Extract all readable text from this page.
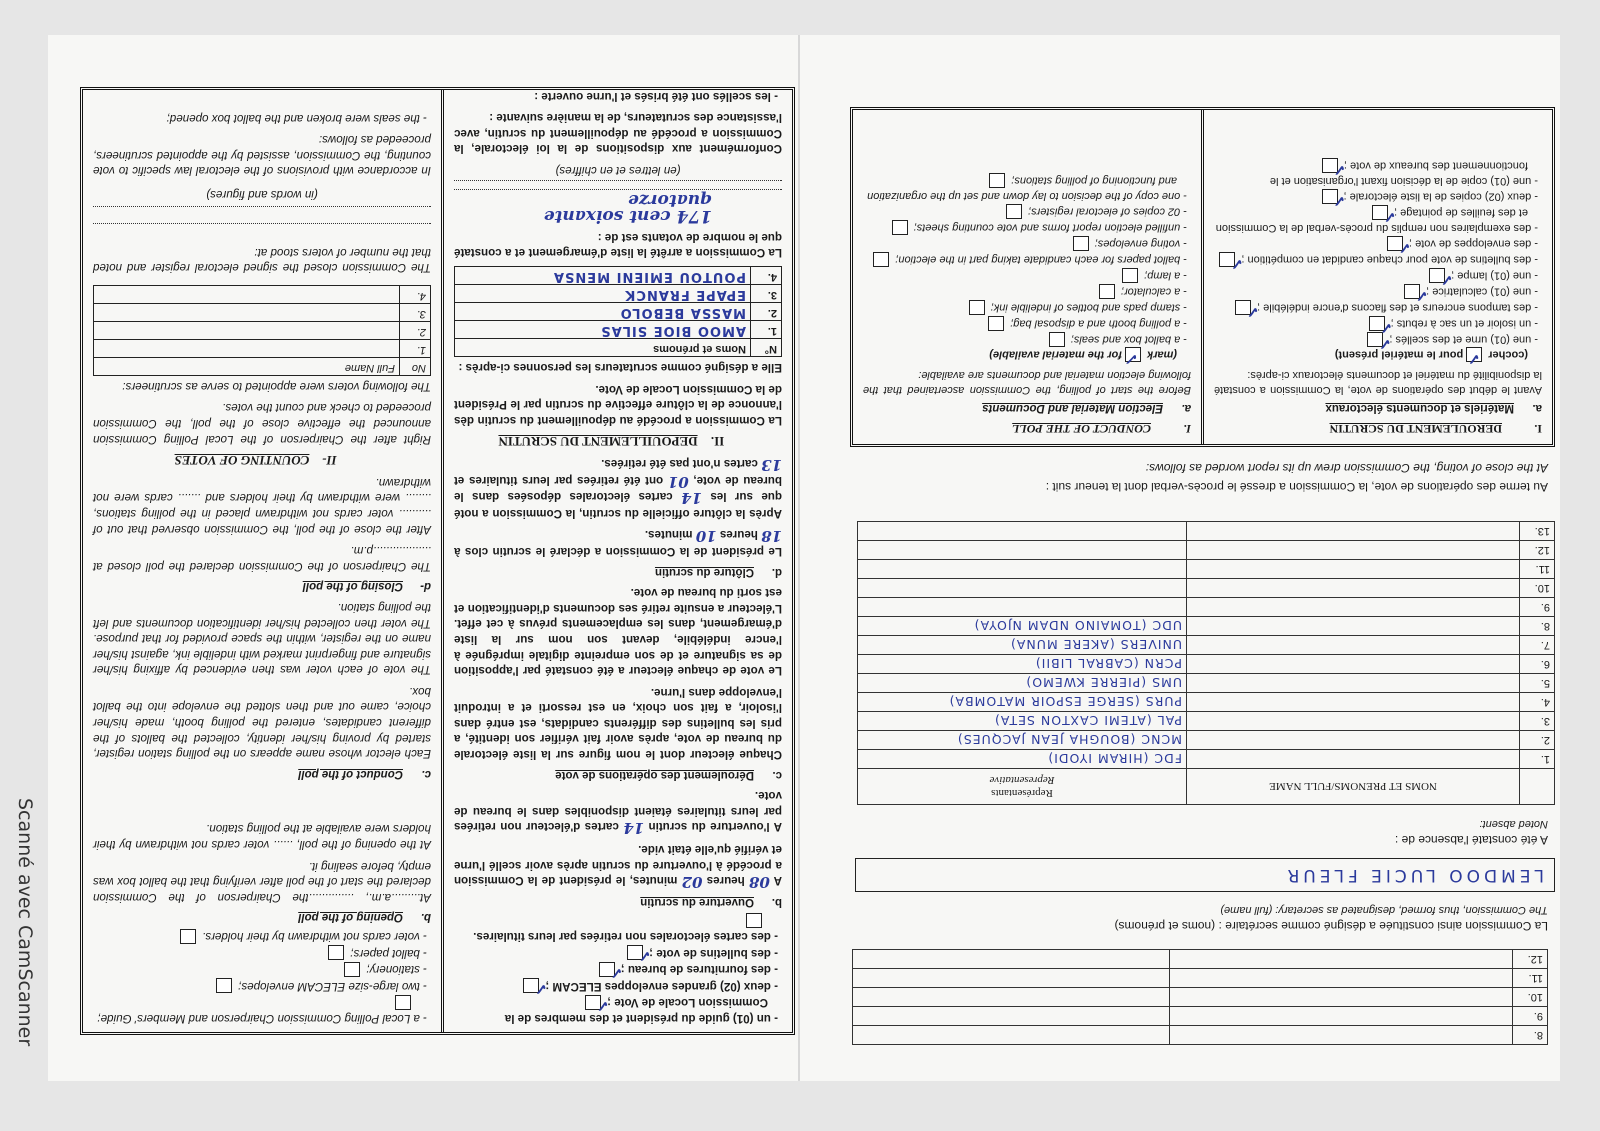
8.		
9.		
10.		
11.		
12.		
La Commission ainsi constituée a désigné comme secrétaire : (noms et prénoms)
The Commission, thus formed, designated as secretary: (full name)
LEMDOO LUCIE FLEUR
A été constaté l'absence de :
Noted absent:
	NOMS ET PRENOMS/FULL NAME	Représentants
Representative

1.		FDC (HIRAM IYODI)
2.		MCNC (BOUGHA JEAN JACQUES)
3.		PAL (ATEMI CAXTON SETA)
4.		PURS (SERGE ESPOIR MATOMBA)
5.		UMS (PIERRE KWEMO)
6.		PCRN (CABRAL LIBII)
7.		UNIVERS (AKERE MUNA)
8.		UDC (TOMAINO NDAM NJOYA)
9.		
10.		
11.		
12.		
13.		
Au terme des opérations de vote, la Commission a dressé le procès-verbal dont la teneur suit :
At the close of voting, the Commission drew up its report worded as follows:
I.DEROULEMENT DU SCRUTIN
a.Matériels et documents électoraux

Avant le début des opérations de vote, la Commission a constaté la disponibilité du matériel et documents électoraux ci-après:

(cocher✓ pour le matériel présent)
- une (01) urne et des scellés ;✓
- un isoloir et un sac à rebuts ;✓
- des tampons encreurs et des flacons d'encre indélébile ;✓
- une (01) calculatrice ;✓
- une (01) lampe ;✓
- des bulletins de vote pour chaque candidat en compétition ;✓
- des enveloppes de vote ;✓
- des exemplaires non remplis du procès-verbal de la Commission et des feuilles de pointage ;✓
- deux (02) copies de la liste électorale ;✓
- une (01) copie de la décision fixant l'organisation et le fonctionnement des bureaux de vote ;✓
I.CONDUCT OF THE POLL
a.Election Material and Documents

Before the start of polling, the Commission ascertained that the following election material and documents are available:

(mark✓ for the material available)
- a ballot box and seals;
- a polling booth and a disposal bag;
- stamp pads and bottles of indelible ink;
- a calculator;
- a lamp;
- ballot papers for each candidate taking part in the election;
- voting envelopes;
- unfilled election report forms and vote counting sheets;
- 02 copies of electoral registers;
- one copy of the decision to lay down and set up the organization and functioning of polling stations;
- un (01) guide du président et des membres de la Commission Locale de Vote ;✓
- deux (02) grandes enveloppes ELECAM ;✓
- des fournitures de bureau ;✓
- des bulletins de vote ;✓
- des cartes électorales non retirées par leurs titulaires.
b.Ouverture du scrutin

A 08 heures 02 minutes, le président de la Commission a procédé à l'ouverture du scrutin après avoir scellé l'urne et vérifié qu'elle était vide.

A l'ouverture du scrutin 14 cartes d'électeur non retirées par leurs titulaires étaient disponibles dans le bureau de vote.

c.Déroulement des opérations de vote

Chaque électeur dont le nom figure sur la liste électorale du bureau de vote, après avoir fait vérifier son identité, a pris les bulletins des différents candidats, est entré dans l'isoloir, a fait son choix, en est ressorti et a introduit l'enveloppe dans l'urne.

Le vote de chaque électeur a été constaté par l'apposition de sa signature et de son empreinte digitale imprégnée à l'encre indélébile, devant son nom sur la liste d'émargement, dans les emplacements prévus à cet effet. L'électeur a ensuite retiré ses documents d'identification et est sorti du bureau de vote.

d.Clôture du scrutin

Le président de la Commission a déclaré le scrutin clos à 18 heures 10 minutes.

Après la clôture officielle du scrutin, la Commission a noté que sur les 14 cartes électorales déposées dans le bureau de vote, 01 ont été retirées par leurs titulaires et 13 cartes n'ont pas été retirées.

II.DEPOUILLEMENT DU SCRUTIN

La Commission a procédé au dépouillement du scrutin dès l'annonce de la clôture effective du scrutin par le Président de la Commission Locale de Vote.

Elle a désigné comme scrutateurs les personnes ci-après :

N°	Noms et prénoms
1.	AMOO BIOE SILAS
2.	MASSA BEBOLO
3.	EPAPE FRANCK
4.	POUTOU EMIENI MENSA

La Commission a arrêté la liste d'émargement et a constaté que le nombre de votants est de :

174 cent soixante quatorze
(en lettres et en chiffres)

Conformément aux dispositions de la loi électorale, la Commission a procédé au dépouillement du scrutin, avec l'assistance des scrutateurs, de la manière suivante :

- les scellés ont été brisés et l'urne ouverte :
- a Local Polling Commission Chairperson and Members' Guide;
- two large-size ELECAM envelopes;
- stationery;
- ballot papers;
- voter cards not withdrawn by their holders.
b.Opening of the poll

At.........a.m., ..............the Chairperson of the Commission declared the start of the poll after verifying that the ballot box was empty, before sealing it.

At the opening of the poll, ...... voter cards not withdrawn by their holders were available at the polling station.

c.Conduct of the poll

Each elector whose name appears on the polling station register, started by proving his/her identity, collected the ballots of the different candidates, entered the polling booth, made his/her choice, came out and then slotted the envelope into the ballot box.

The vote of each voter was then evidenced by affixing his/her signature and fingerprint marked with indelible ink, against his/her name on the register, within the space provided for that purpose. The voter then collected his/her identification documents and left the polling station.

d-Closing of the poll

The Chairperson of the Commission declared the poll closed at ..................p.m.

After the close of the poll, the Commission observed that out of .......... voter cards not withdrawn placed in the polling stations, ........ were withdrawn by their holders and ....... cards were not withdrawn.

II-COUNTING OF VOTES

Right after the Chairperson of the Local Polling Commission announced the effective close of the poll, the Commission proceeded to check and count the votes.

The following voters were appointed to serve as scrutineers:

No	Full Name
1.	
2.	
3.	
4.	

The Commission closed the signed electoral register and noted that the number of voters stood at:

(in words and figures)

In accordance with provisions of the electoral law specific to vote counting, the Commission, assisted by the appointed scrutineers, proceeded as follows:

- the seals were broken and the ballot box opened;
Scanné avec CamScanner
